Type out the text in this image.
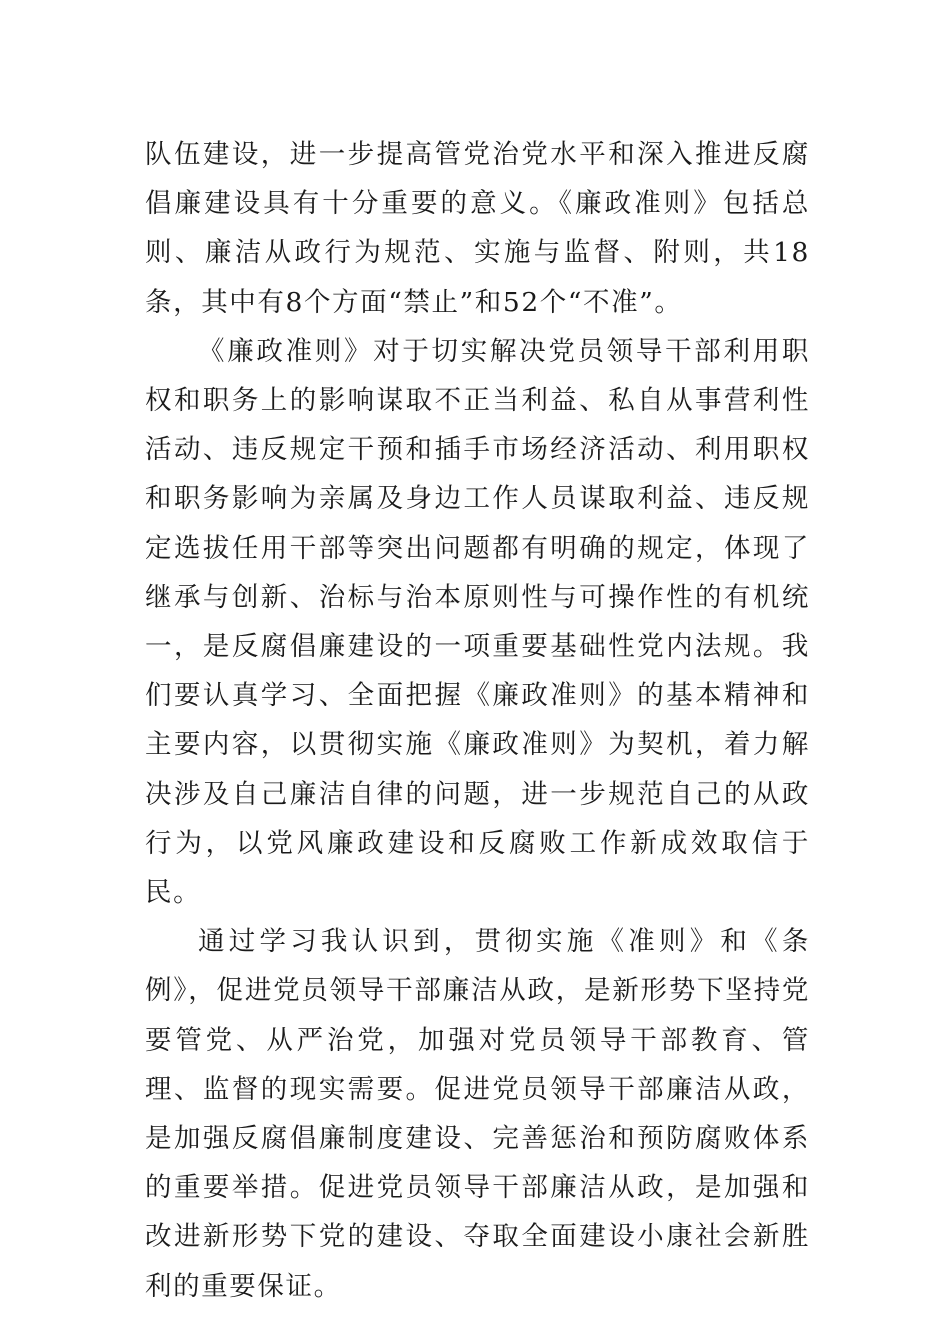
队伍建设，进一步提高管党治党水平和深入推进反腐倡廉建设具有十分重要的意义。《廉政准则》包括总则、廉洁从政行为规范、实施与监督、附则，共18条，其中有8个方面“禁止”和52个“不准”。

《廉政准则》对于切实解决党员领导干部利用职权和职务上的影响谋取不正当利益、私自从事营利性活动、违反规定干预和插手市场经济活动、利用职权和职务影响为亲属及身边工作人员谋取利益、违反规定选拔任用干部等突出问题都有明确的规定，体现了继承与创新、治标与治本原则性与可操作性的有机统一，是反腐倡廉建设的一项重要基础性党内法规。我们要认真学习、全面把握《廉政准则》的基本精神和主要内容，以贯彻实施《廉政准则》为契机，着力解决涉及自己廉洁自律的问题，进一步规范自己的从政行为，以党风廉政建设和反腐败工作新成效取信于民。

通过学习我认识到，贯彻实施《准则》和《条例》，促进党员领导干部廉洁从政，是新形势下坚持党要管党、从严治党，加强对党员领导干部教育、管理、监督的现实需要。促进党员领导干部廉洁从政，是加强反腐倡廉制度建设、完善惩治和预防腐败体系的重要举措。促进党员领导干部廉洁从政，是加强和改进新形势下党的建设、夺取全面建设小康社会新胜利的重要保证。
